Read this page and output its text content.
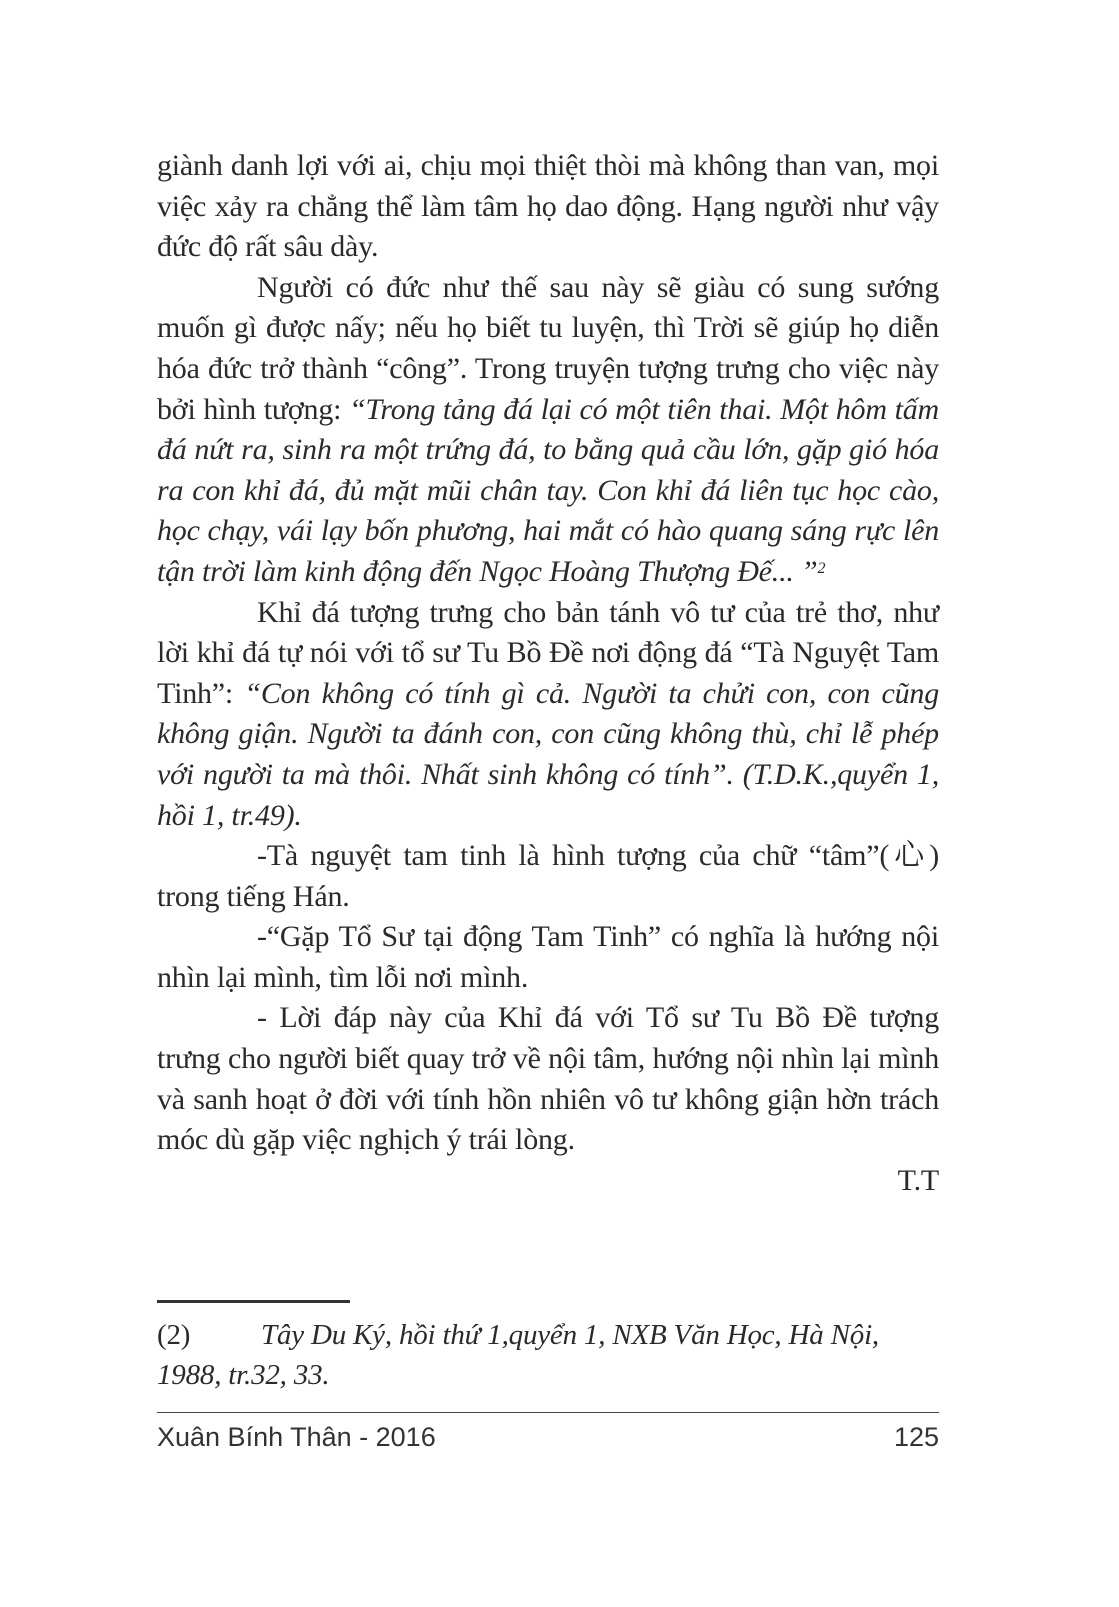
giành danh lợi với ai, chịu mọi thiệt thòi mà không than van, mọi việc xảy ra chẳng thể làm tâm họ dao động. Hạng người như vậy đức độ rất sâu dày.

Người có đức như thế sau này sẽ giàu có sung sướng muốn gì được nấy; nếu họ biết tu luyện, thì Trời sẽ giúp họ diễn hóa đức trở thành “công”. Trong truyện tượng trưng cho việc này bởi hình tượng: “Trong tảng đá lại có một tiên thai. Một hôm tấm đá nứt ra, sinh ra một trứng đá, to bằng quả cầu lớn, gặp gió hóa ra con khỉ đá, đủ mặt mũi chân tay. Con khỉ đá liên tục học cào, học chạy, vái lạy bốn phương, hai mắt có hào quang sáng rực lên tận trời làm kinh động đến Ngọc Hoàng Thượng Đế... ”$^2$

Khỉ đá tượng trưng cho bản tánh vô tư của trẻ thơ, như lời khỉ đá tự nói với tổ sư Tu Bồ Đề nơi động đá “Tà Nguyệt Tam Tinh”: “Con không có tính gì cả. Người ta chửi con, con cũng không giận. Người ta đánh con, con cũng không thù, chỉ lễ phép với người ta mà thôi. Nhất sinh không có tính”. (T.D.K.,quyển 1, hồi 1, tr.49).

-Tà nguyệt tam tinh là hình tượng của chữ “tâm”(心) trong tiếng Hán.

-“Gặp Tổ Sư tại động Tam Tinh” có nghĩa là hướng nội nhìn lại mình, tìm lỗi nơi mình.

- Lời đáp này của Khỉ đá với Tổ sư Tu Bồ Đề tượng trưng cho người biết quay trở về nội tâm, hướng nội nhìn lại mình và sanh hoạt ở đời với tính hồn nhiên vô tư không giận hờn trách móc dù gặp việc nghịch ý trái lòng.

T.T

(2) Tây Du Ký, hồi thứ 1,quyển 1, NXB Văn Học, Hà Nội, 1988, tr.32, 33.
Xuân Bính Thân - 2016	125
